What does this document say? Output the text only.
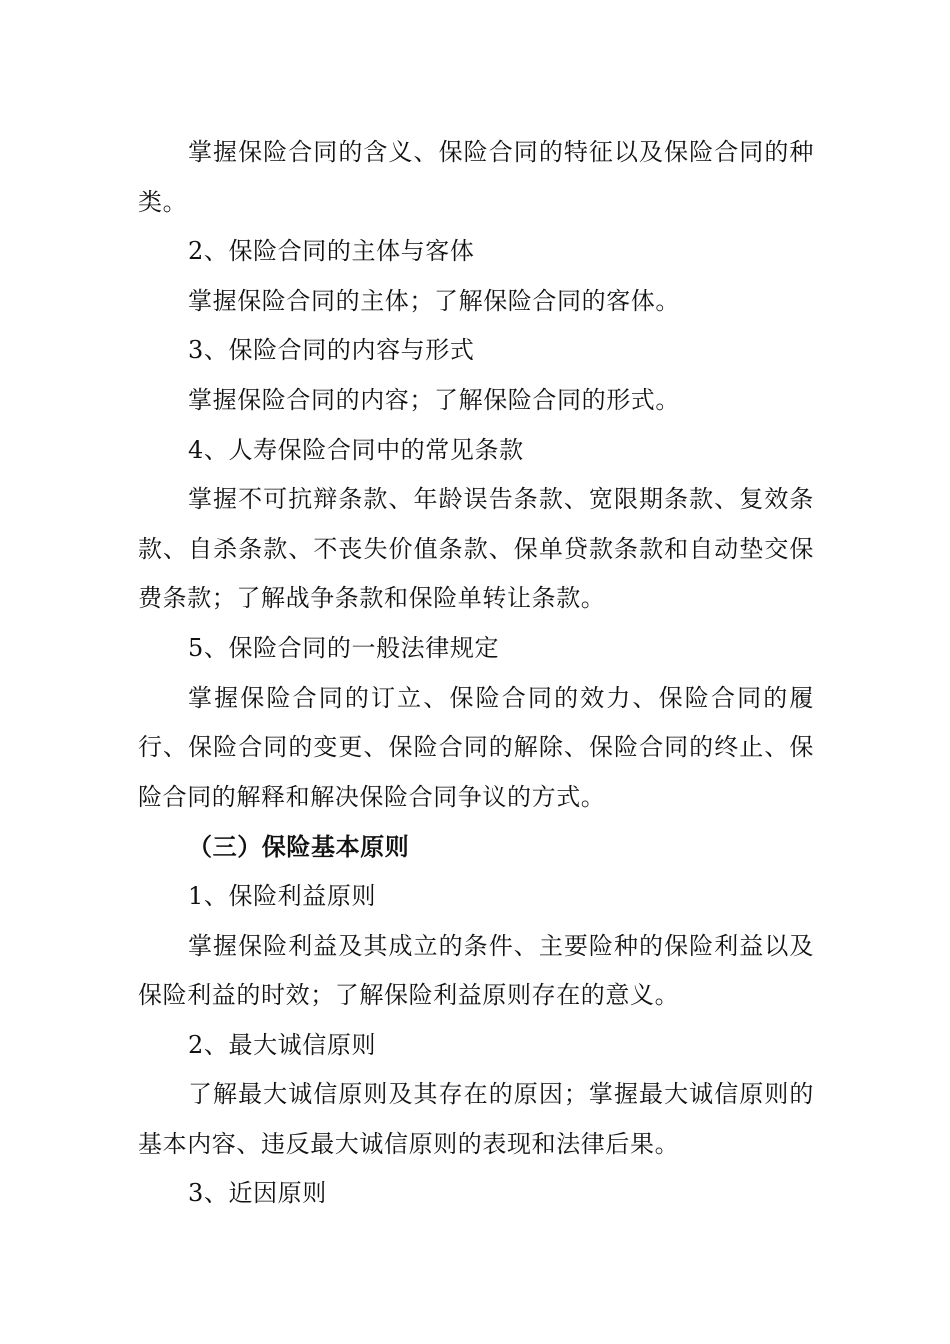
掌握保险合同的含义、保险合同的特征以及保险合同的种类。

2、保险合同的主体与客体

掌握保险合同的主体；了解保险合同的客体。

3、保险合同的内容与形式

掌握保险合同的内容；了解保险合同的形式。

4、人寿保险合同中的常见条款

掌握不可抗辩条款、年龄误告条款、宽限期条款、复效条款、自杀条款、不丧失价值条款、保单贷款条款和自动垫交保费条款；了解战争条款和保险单转让条款。

5、保险合同的一般法律规定

掌握保险合同的订立、保险合同的效力、保险合同的履行、保险合同的变更、保险合同的解除、保险合同的终止、保险合同的解释和解决保险合同争议的方式。

（三）保险基本原则

1、保险利益原则

掌握保险利益及其成立的条件、主要险种的保险利益以及保险利益的时效；了解保险利益原则存在的意义。

2、最大诚信原则

了解最大诚信原则及其存在的原因；掌握最大诚信原则的基本内容、违反最大诚信原则的表现和法律后果。

3、近因原则
